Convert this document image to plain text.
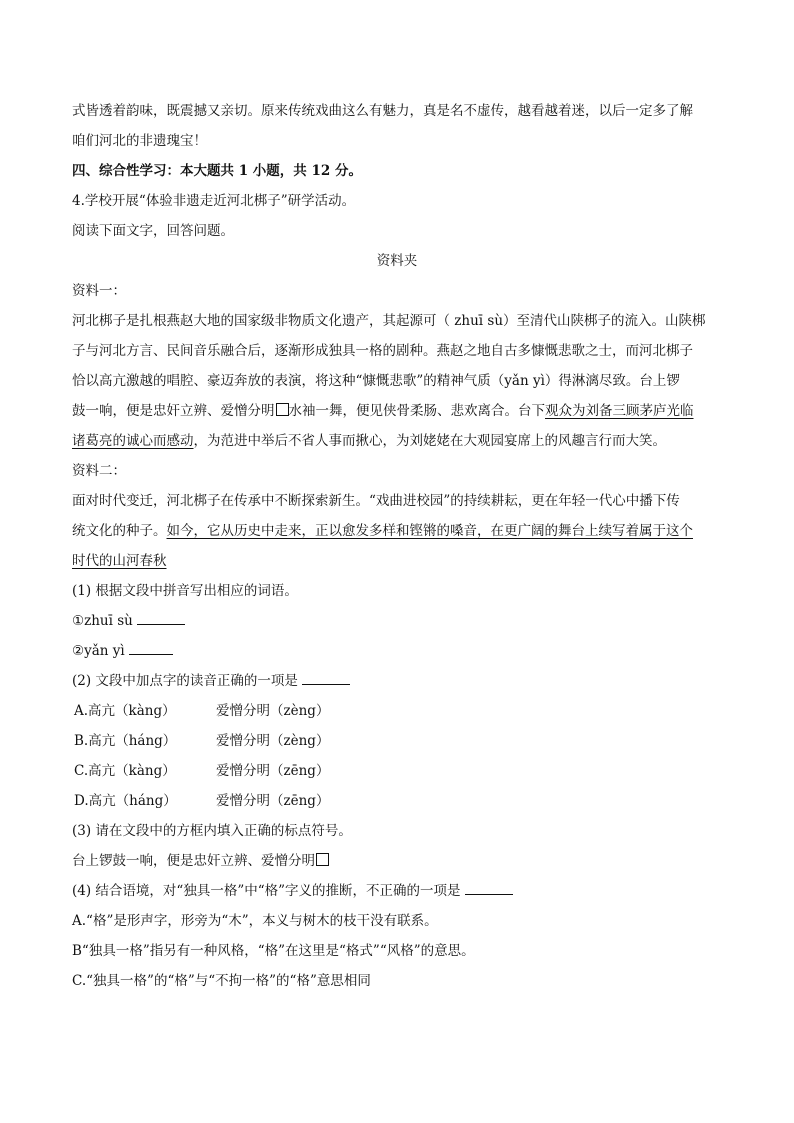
式皆透着韵味，既震撼又亲切。原来传统戏曲这么有魅力，真是名不虚传，越看越着迷，以后一定多了解
咱们河北的非遗瑰宝！
四、综合性学习：本大题共 1 小题，共 12 分。
4.学校开展“体验非遗走近河北梆子”研学活动。
阅读下面文字，回答问题。
资料夹
资料一：
河北梆子是扎根燕赵大地的国家级非物质文化遗产，其起源可（ zhuī sù）至清代山陕梆子的流入。山陕梆
子与河北方言、民间音乐融合后，逐渐形成独具一格的剧种。燕赵之地自古多慷慨悲歌之士，而河北梆子
恰以高亢激越的唱腔、豪迈奔放的表演，将这种“慷慨悲歌”的精神气质（yǎn yì）得淋漓尽致。台上锣
鼓一响，便是忠奸立辨、爱憎分明 水袖一舞，便见侠骨柔肠、悲欢离合。台下观众为刘备三顾茅庐光临
诸葛亮的诚心而感动，为范进中举后不省人事而揪心，为刘姥姥在大观园宴席上的风趣言行而大笑。
资料二：
面对时代变迁，河北梆子在传承中不断探索新生。“戏曲进校园”的持续耕耘，更在年轻一代心中播下传
统文化的种子。如今，它从历史中走来，正以愈发多样和铿锵的嗓音，在更广阔的舞台上续写着属于这个
时代的山河春秋
(1) 根据文段中拼音写出相应的词语。
①zhuī sù
②yǎn yì
(2) 文段中加点字的读音正确的一项是
A.高亢（kàng）	爱憎分明（zèng）
B.高亢（háng）	爱憎分明（zèng）
C.高亢（kàng）	爱憎分明（zēng）
D.高亢（háng）	爱憎分明（zēng）
(3) 请在文段中的方框内填入正确的标点符号。
台上锣鼓一响，便是忠奸立辨、爱憎分明
(4) 结合语境，对“独具一格”中“格”字义的推断，不正确的一项是
A.“格”是形声字，形旁为“木”，本义与树木的枝干没有联系。
B“独具一格”指另有一种风格，“格”在这里是“格式”“风格”的意思。
C.“独具一格”的“格”与“不拘一格”的“格”意思相同
